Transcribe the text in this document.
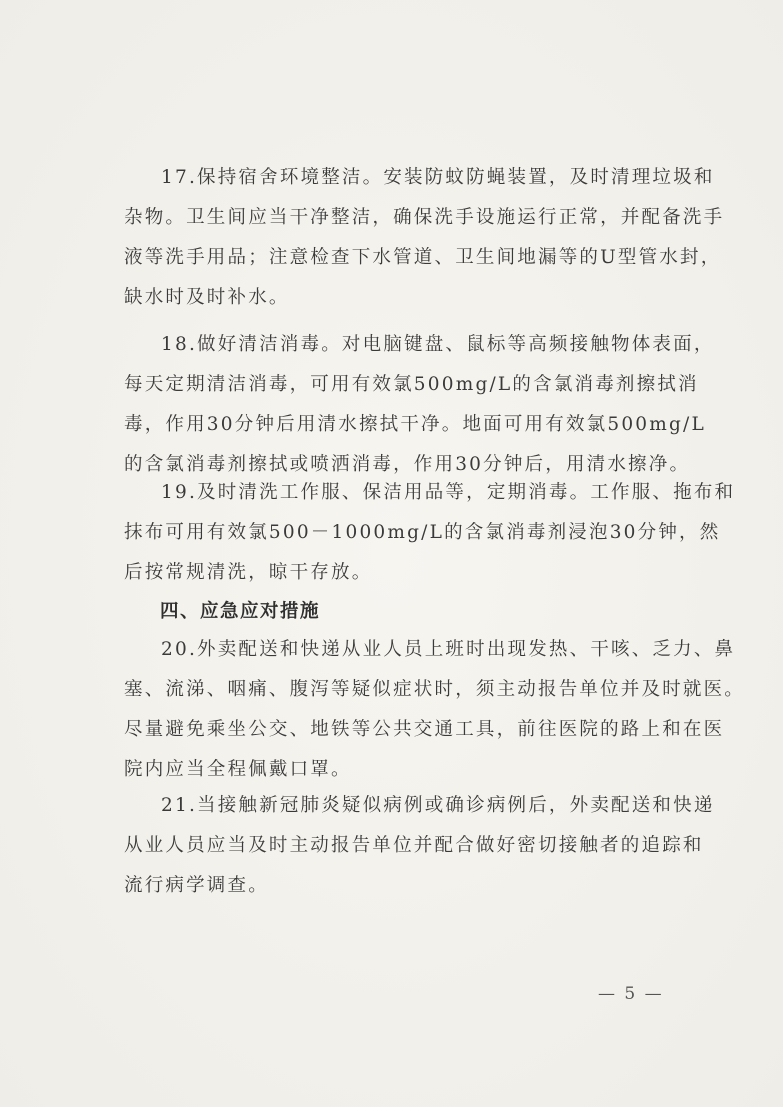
17.保持宿舍环境整洁。安装防蚊防蝇装置，及时清理垃圾和
杂物。卫生间应当干净整洁，确保洗手设施运行正常，并配备洗手
液等洗手用品；注意检查下水管道、卫生间地漏等的U型管水封，
缺水时及时补水。
18.做好清洁消毒。对电脑键盘、鼠标等高频接触物体表面，
每天定期清洁消毒，可用有效氯500mg/L的含氯消毒剂擦拭消
毒，作用30分钟后用清水擦拭干净。地面可用有效氯500mg/L
的含氯消毒剂擦拭或喷洒消毒，作用30分钟后，用清水擦净。
19.及时清洗工作服、保洁用品等，定期消毒。工作服、拖布和
抹布可用有效氯500－1000mg/L的含氯消毒剂浸泡30分钟，然
后按常规清洗，晾干存放。
四、应急应对措施
20.外卖配送和快递从业人员上班时出现发热、干咳、乏力、鼻
塞、流涕、咽痛、腹泻等疑似症状时，须主动报告单位并及时就医。
尽量避免乘坐公交、地铁等公共交通工具，前往医院的路上和在医
院内应当全程佩戴口罩。
21.当接触新冠肺炎疑似病例或确诊病例后，外卖配送和快递
从业人员应当及时主动报告单位并配合做好密切接触者的追踪和
流行病学调查。
— 5 —
